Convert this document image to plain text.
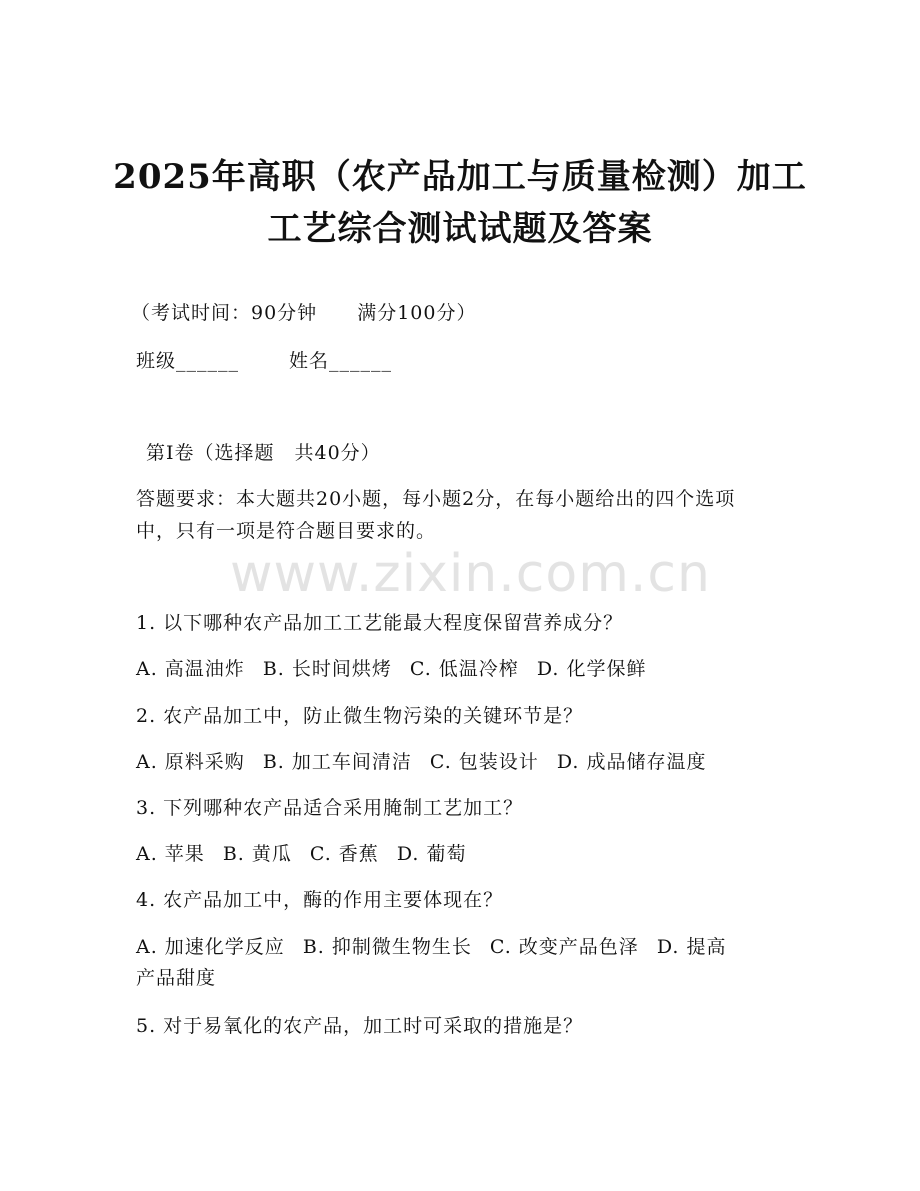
2025年高职（农产品加工与质量检测）加工
工艺综合测试试题及答案
（考试时间：90分钟 满分100分）
班级______	姓名______
第Ⅰ卷（选择题　共40分）
答题要求：本大题共20小题，每小题2分，在每小题给出的四个选项
中，只有一项是符合题目要求的。
www.zixin.com.cn
1. 以下哪种农产品加工工艺能最大程度保留营养成分？
A. 高温油炸 B. 长时间烘烤 C. 低温冷榨 D. 化学保鲜
2. 农产品加工中，防止微生物污染的关键环节是？
A. 原料采购 B. 加工车间清洁 C. 包装设计 D. 成品储存温度
3. 下列哪种农产品适合采用腌制工艺加工？
A. 苹果 B. 黄瓜 C. 香蕉 D. 葡萄
4. 农产品加工中，酶的作用主要体现在？
A. 加速化学反应 B. 抑制微生物生长 C. 改变产品色泽 D. 提高
产品甜度
5. 对于易氧化的农产品，加工时可采取的措施是？
